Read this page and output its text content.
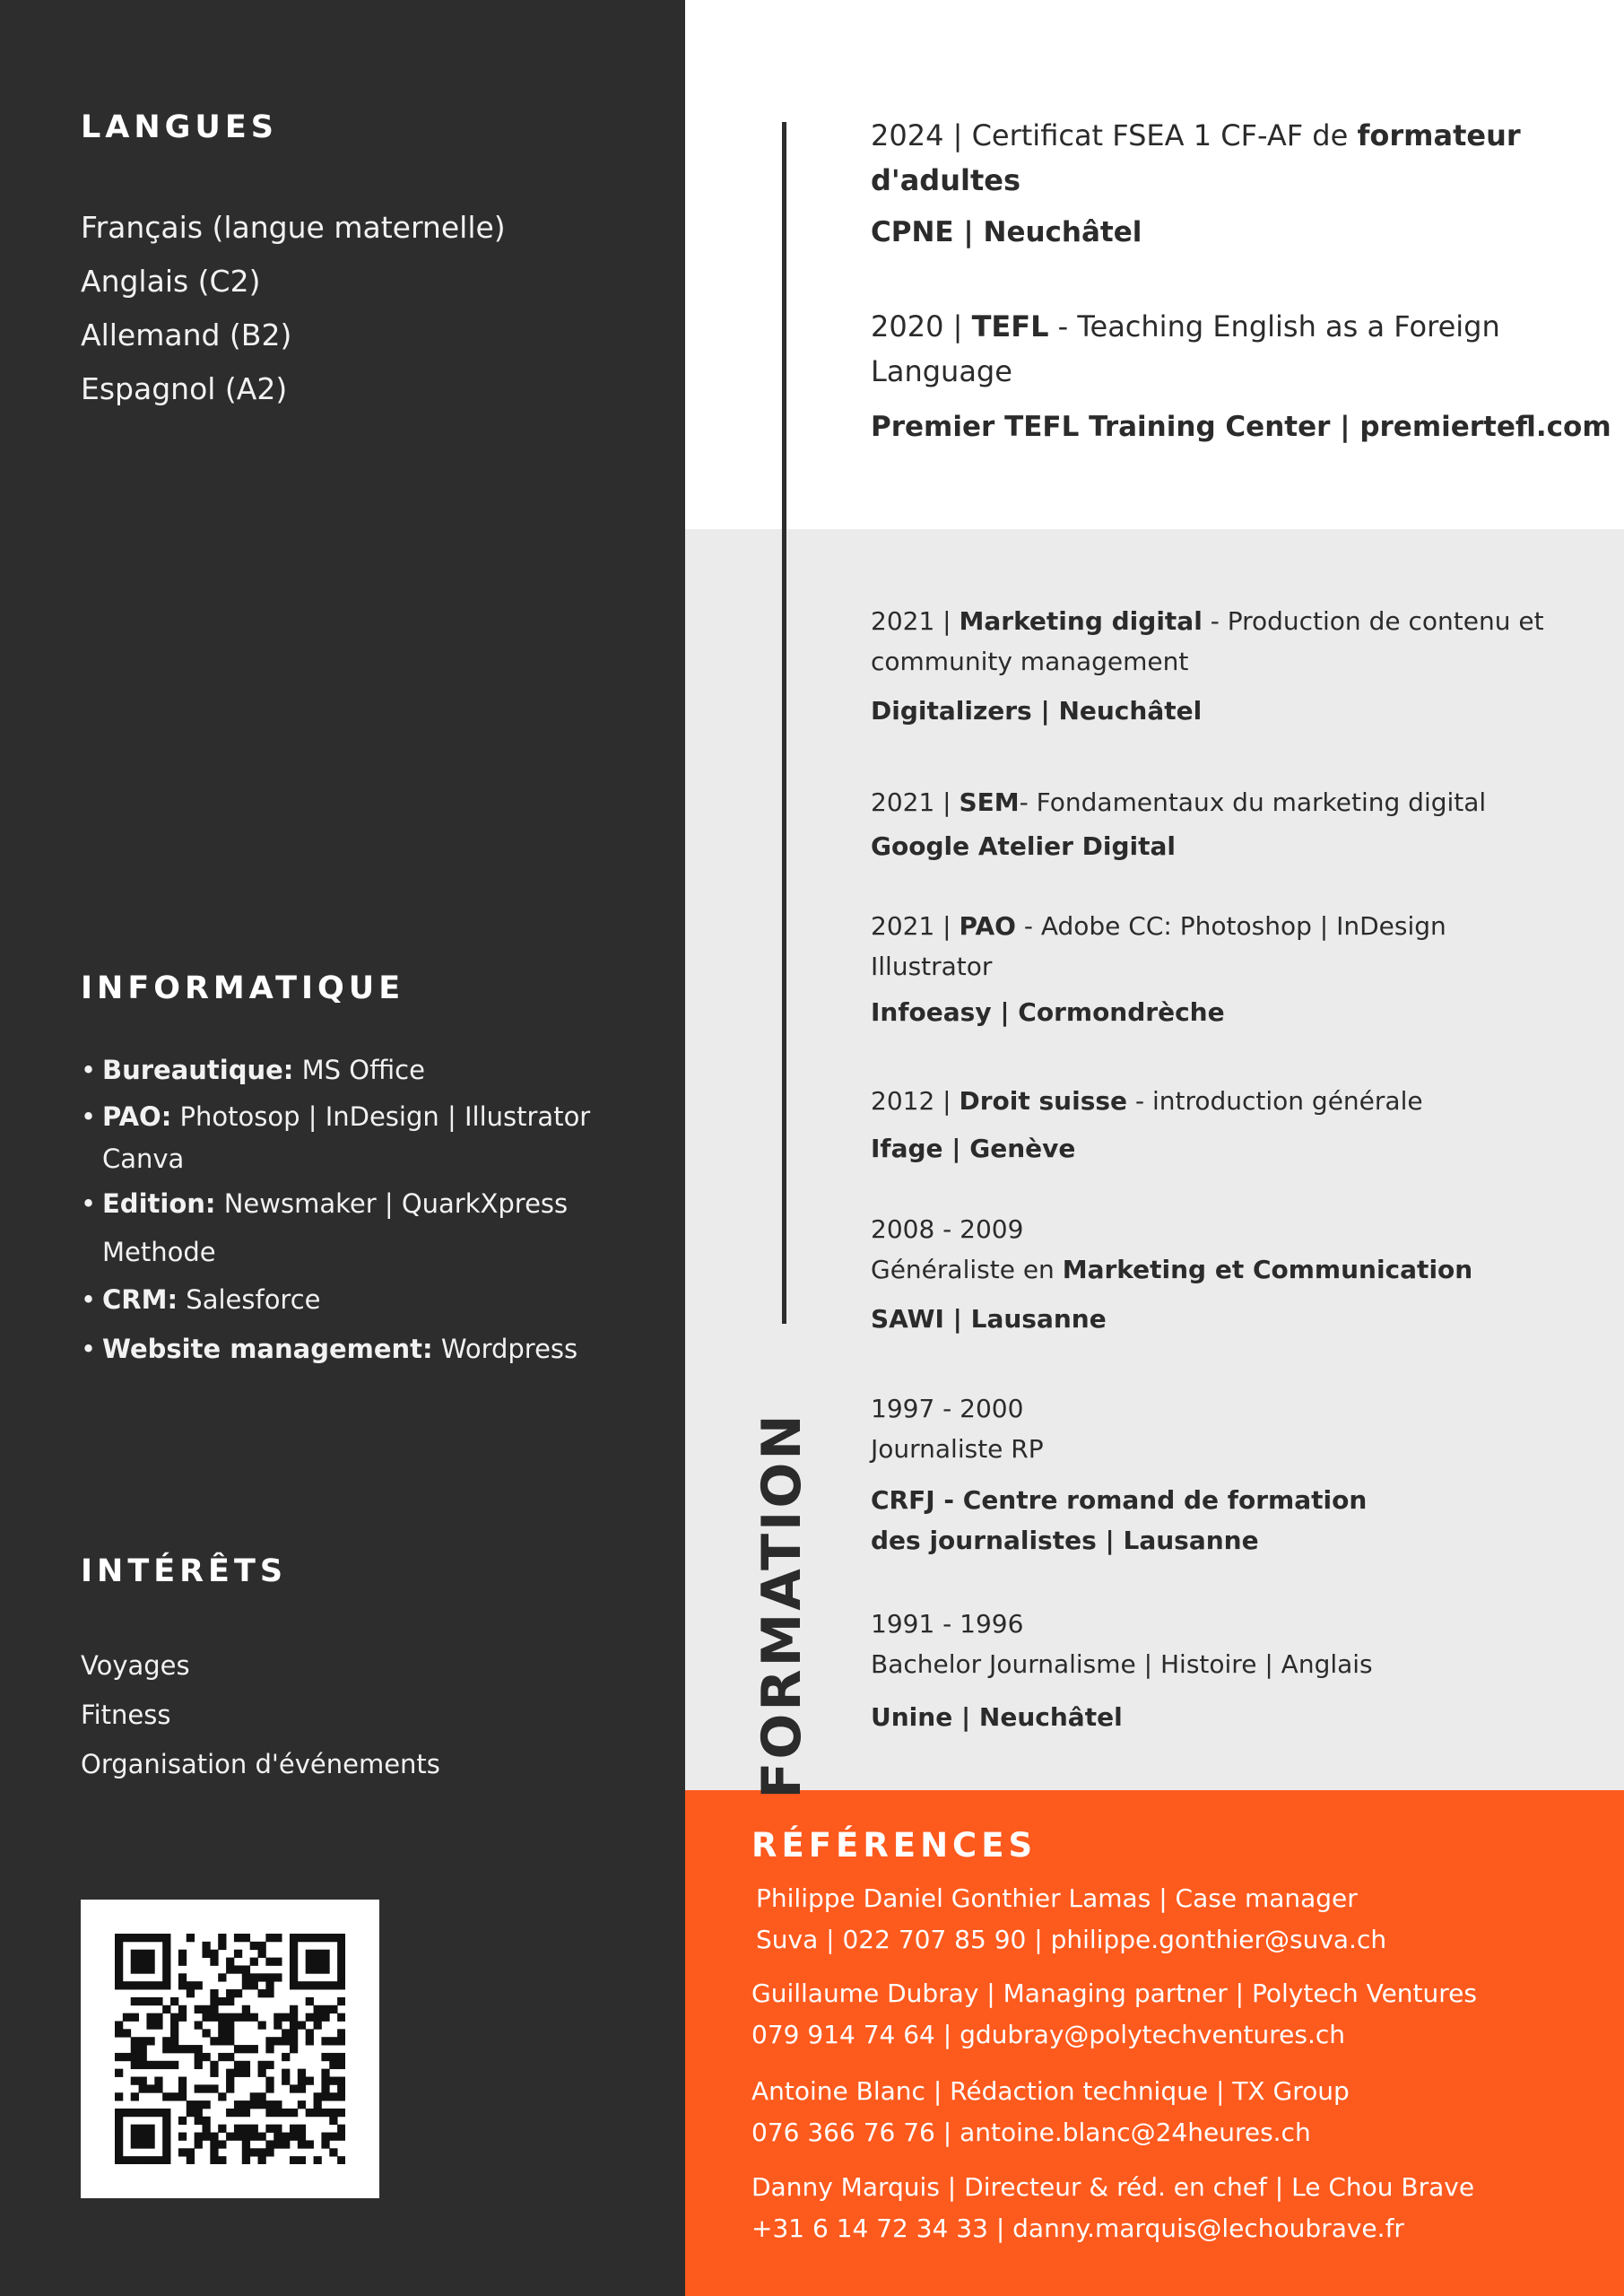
LANGUES
Français (langue maternelle)
Anglais (C2)
Allemand (B2)
Espagnol (A2)
INFORMATIQUE
• Bureautique: MS Office
• PAO: Photosop | InDesign | Illustrator
Canva
• Edition: Newsmaker | QuarkXpress
Methode
• CRM: Salesforce
• Website management: Wordpress
INTÉRÊTS
Voyages
Fitness
Organisation d'événements	FORMATION
2024 | Certificat FSEA 1 CF-AF de formateur
d'adultes
CPNE | Neuchâtel
2020 | TEFL - Teaching English as a Foreign
Language
Premier TEFL Training Center | premiertefl.com
2021 | Marketing digital - Production de contenu et
community management
Digitalizers | Neuchâtel
2021 | SEM- Fondamentaux du marketing digital
Google Atelier Digital
2021 | PAO - Adobe CC: Photoshop | InDesign
Illustrator
Infoeasy | Cormondrèche
2012 | Droit suisse - introduction générale
Ifage | Genève
2008 - 2009
Généraliste en Marketing et Communication
SAWI | Lausanne
1997 - 2000
Journaliste RP
CRFJ - Centre romand de formation
des journalistes | Lausanne
1991 - 1996
Bachelor Journalisme | Histoire | Anglais
Unine | Neuchâtel
RÉFÉRENCES
Philippe Daniel Gonthier Lamas | Case manager
Suva | 022 707 85 90 | philippe.gonthier@suva.ch
Guillaume Dubray | Managing partner | Polytech Ventures
079 914 74 64 | gdubray@polytechventures.ch
Antoine Blanc | Rédaction technique | TX Group
076 366 76 76 | antoine.blanc@24heures.ch
Danny Marquis | Directeur & réd. en chef | Le Chou Brave
+31 6 14 72 34 33 | danny.marquis@lechoubrave.fr
